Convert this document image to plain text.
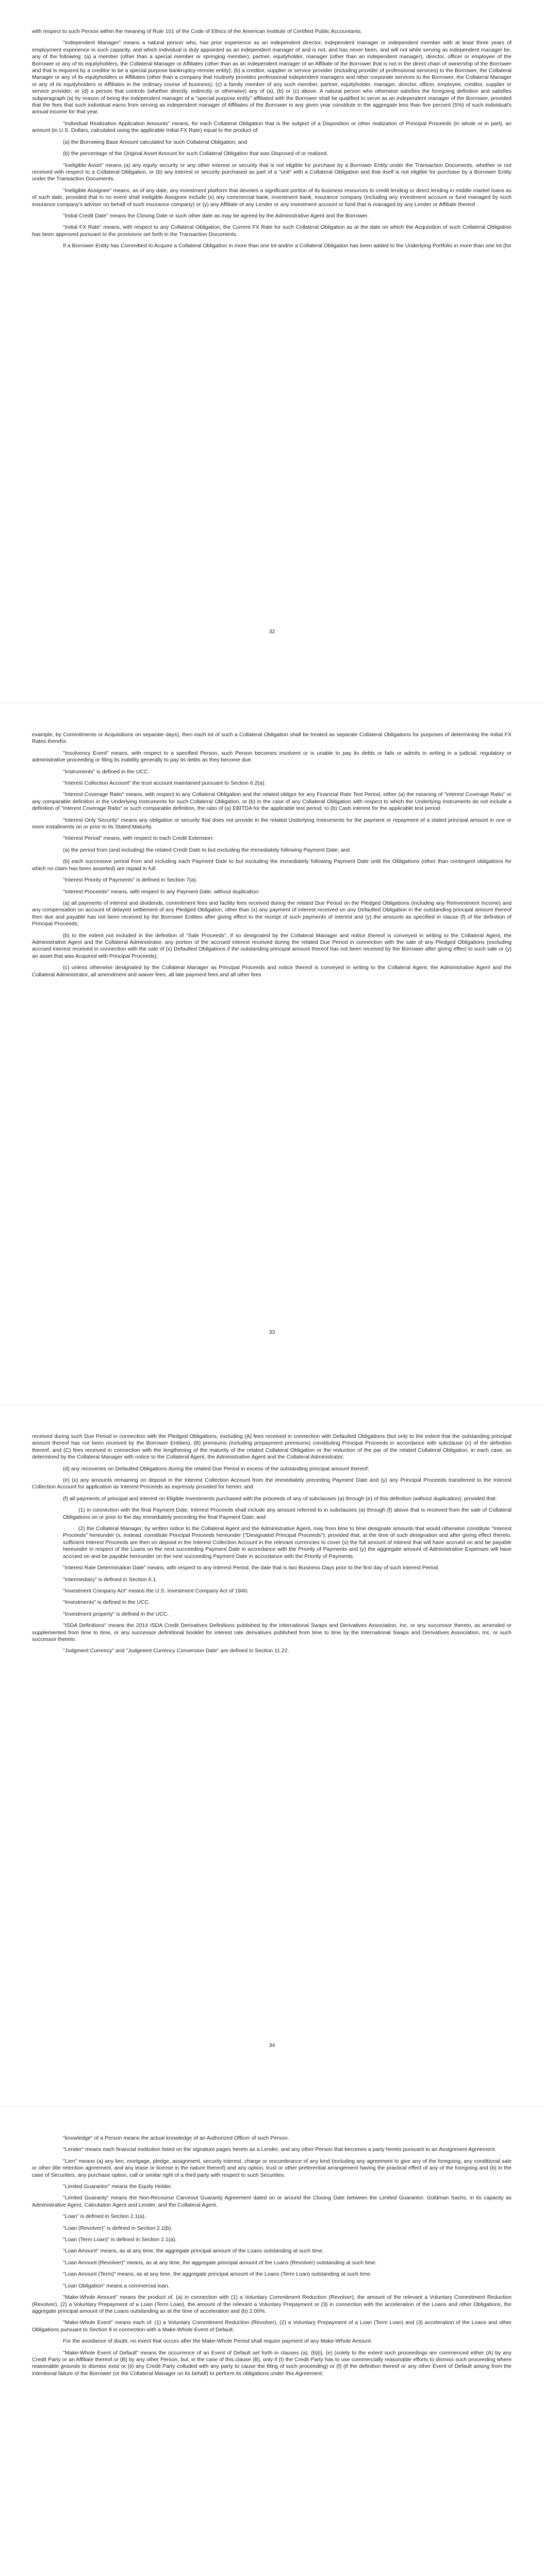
with respect to such Person within the meaning of Rule 101 of the Code of Ethics of the American Institute of Certified Public Accountants.

"Independent Manager" means a natural person who, has prior experience as an independent director, independent manager or independent member with at least three years of employment experience in such capacity, and which individual is duly appointed as an independent manager of and is not, and has never been, and will not while serving as independent manager be, any of the following: (a) a member (other than a special member or springing member), partner, equityholder, manager (other than an independent manager), director, officer or employee of the Borrower or any of its equityholders, the Collateral Manager or Affiliates (other than as an independent manager of an Affiliate of the Borrower that is not in the direct chain of ownership of the Borrower and that is required by a creditor to be a special purpose bankruptcy-remote entity); (b) a creditor, supplier or service provider (including provider of professional services) to the Borrower, the Collateral Manager or any of its equityholders or Affiliates (other than a company that routinely provides professional independent managers and other corporate services to the Borrower, the Collateral Manager or any of its equityholders or Affiliates in the ordinary course of business); (c) a family member of any such member, partner, equityholder, manager, director, officer, employee, creditor, supplier or service provider; or (d) a person that controls (whether directly, indirectly or otherwise) any of (a), (b) or (c) above. A natural person who otherwise satisfies the foregoing definition and satisfies subparagraph (a) by reason of being the independent manager of a "special purpose entity" affiliated with the Borrower shall be qualified to serve as an independent manager of the Borrower, provided that the fees that such individual earns from serving as independent manager of Affiliates of the Borrower in any given year constitute in the aggregate less than five percent (5%) of such individual's annual income for that year.

"Individual Realization Application Amounts" means, for each Collateral Obligation that is the subject of a Disposition or other realization of Principal Proceeds (in whole or in part), an amount (in U.S. Dollars, calculated using the applicable Initial FX Rate) equal to the product of:

(a) the Borrowing Base Amount calculated for such Collateral Obligation; and

(b) the percentage of the Original Asset Amount for such Collateral Obligation that was Disposed of or realized.

"Ineligible Asset" means (a) any equity security or any other interest or security that is not eligible for purchase by a Borrower Entity under the Transaction Documents, whether or not received with respect to a Collateral Obligation, or (b) any interest or security purchased as part of a "unit" with a Collateral Obligation and that itself is not eligible for purchase by a Borrower Entity under the Transaction Documents.

"Ineligible Assignee" means, as of any date, any investment platform that devotes a significant portion of its business resources to credit lending or direct lending in middle market loans as of such date, provided that in no event shall Ineligible Assignee include (x) any commercial bank, investment bank, insurance company (including any investment account or fund managed by such insurance company's adviser on behalf of such insurance company) or (y) any Affiliate of any Lender or any investment account or fund that is managed by any Lender or Affiliate thereof.

"Initial Credit Date" means the Closing Date or such other date as may be agreed by the Administrative Agent and the Borrower.

"Initial FX Rate" means, with respect to any Collateral Obligation, the Current FX Rate for such Collateral Obligation as at the date on which the Acquisition of such Collateral Obligation has been approved pursuant to the provisions set forth in the Transaction Documents.

If a Borrower Entity has Committed to Acquire a Collateral Obligation in more than one lot and/or a Collateral Obligation has been added to the Underlying Portfolio in more than one lot (for

32

example, by Commitments or Acquisitions on separate days), then each lot of such a Collateral Obligation shall be treated as separate Collateral Obligations for purposes of determining the Initial FX Rates therefor.

"Insolvency Event" means, with respect to a specified Person, such Person becomes insolvent or is unable to pay its debts or fails or admits in writing in a judicial, regulatory or administrative proceeding or filing its inability generally to pay its debts as they become due.

"Instruments" is defined in the UCC.

"Interest Collection Account" the trust account maintained pursuant to Section 6.2(a).

"Interest Coverage Ratio" means, with respect to any Collateral Obligation and the related obligor for any Financial Rate Test Period, either (a) the meaning of "interest Coverage Ratio" or any comparable definition in the Underlying Instruments for such Collateral Obligation, or (b) in the case of any Collateral Obligation with respect to which the Underlying Instruments do not include a definition of "Interest Coverage Ratio" or such comparable definition, the ratio of (a) EBITDA for the applicable test period, to (b) Cash interest for the applicable test period.

"Interest Only Security" means any obligation or security that does not provide in the related Underlying Instruments for the payment or repayment of a stated principal amount in one or more installments on or prior to its Stated Maturity.

"Interest Period" means, with respect to each Credit Extension:

(a) the period from (and including) the related Credit Date to but excluding the immediately following Payment Date; and

(b) each successive period from and including each Payment Date to but excluding the immediately following Payment Date until the Obligations (other than contingent obligations for which no claim has been asserted) are repaid in full.

"Interest Priority of Payments" is defined in Section 7(a).

"Interest Proceeds" means, with respect to any Payment Date, without duplication:

(a) all payments of interest and dividends, commitment fees and facility fees received during the related Due Period on the Pledged Obligations (including any Reinvestment Income) and any compensation on account of delayed settlement of any Pledged Obligation, other than (x) any payment of interest received on any Defaulted Obligation in the outstanding principal amount thereof then due and payable has not been received by the Borrower Entities after giving effect to the receipt of such payments of interest and (y) the amounts as specified in clause (f) of the definition of Principal Proceeds;

(b) to the extent not included in the definition of "Sale Proceeds", if so designated by the Collateral Manager and notice thereof is conveyed in writing to the Collateral Agent, the Administrative Agent and the Collateral Administrator, any portion of the accrued interest received during the related Due Period in connection with the sale of any Pledged Obligations (excluding accrued interest received in connection with the sale of (x) Defaulted Obligations if the outstanding principal amount thereof has not been received by the Borrower after giving effect to such sale or (y) an asset that was Acquired with Principal Proceeds);

(c) unless otherwise designated by the Collateral Manager as Principal Proceeds and notice thereof is conveyed in writing to the Collateral Agent, the Administrative Agent and the Collateral Administrator, all amendment and waiver fees, all late payment fees and all other fees

33

received during such Due Period in connection with the Pledged Obligations, excluding (A) fees received in connection with Defaulted Obligations (but only to the extent that the outstanding principal amount thereof has not been received by the Borrower Entities), (B) premiums (including prepayment premiums) constituting Principal Proceeds in accordance with subclause (c) of the definition thereof, and (C) fees received in connection with the lengthening of the maturity of the related Collateral Obligation or the reduction of the par of the related Collateral Obligation, in each case, as determined by the Collateral Manager with notice to the Collateral Agent, the Administrative Agent and the Collateral Administrator;

(d) any recoveries on Defaulted Obligations during the related Due Period in excess of the outstanding principal amount thereof;

(e) (x) any amounts remaining on deposit in the Interest Collection Account from the immediately preceding Payment Date and (y) any Principal Proceeds transferred to the Interest Collection Account for application as Interest Proceeds as expressly provided for herein; and

(f) all payments of principal and interest on Eligible Investments purchased with the proceeds of any of subclauses (a) through (e) of this definition (without duplication); provided that:

(1) in connection with the final Payment Date, Interest Proceeds shall include any amount referred to in subclauses (a) through (f) above that is received from the sale of Collateral Obligations on or prior to the day immediately preceding the final Payment Date; and

(2) the Collateral Manager, by written notice to the Collateral Agent and the Administrative Agent, may from time to time designate amounts that would otherwise constitute "Interest Proceeds" hereunder (x, instead, constitute Principal Proceeds hereunder ("Designated Principal Proceeds"); provided that, at the time of such designation and after giving effect thereto, sufficient Interest Proceeds are then on deposit in the Interest Collection Account in the relevant currencies to cover (x) the full amount of interest that will have accrued on and be payable hereunder in respect of the Loans on the next succeeding Payment Date in accordance with the Priority of Payments and (y) the aggregate amount of Administrative Expenses will have accrued on and be payable hereunder on the next succeeding Payment Date in accordance with the Priority of Payments.

"Interest Rate Determination Date" means, with respect to any Interest Period, the date that is two Business Days prior to the first day of such Interest Period.

"Intermediary" is defined in Section 6.1.

"Investment Company Act" means the U.S. Investment Company Act of 1940.

"Investments" is defined in the UCC.

"Investment property" is defined in the UCC.

"ISDA Definitions" means the 2014 ISDA Credit Derivatives Definitions published by the International Swaps and Derivatives Association, Inc. or any successor thereto, as amended or supplemented from time to time, or any successor definitional booklet for interest rate derivatives published from time to time by the International Swaps and Derivatives Association, Inc. or such successor thereto.

"Judgment Currency" and "Judgment Currency Conversion Date" are defined in Section 11.22.

34

"knowledge" of a Person means the actual knowledge of an Authorized Officer of such Person.

"Lender" means each financial institution listed on the signature pages hereto as a Lender, and any other Person that becomes a party hereto pursuant to an Assignment Agreement.

"Lien" means (a) any lien, mortgage, pledge, assignment, security interest, charge or encumbrance of any kind (including any agreement to give any of the foregoing, any conditional sale or other title retention agreement, and any lease or license in the nature thereof) and any option, trust or other preferential arrangement having the practical effect of any of the foregoing and (b) in the case of Securities, any purchase option, call or similar right of a third party with respect to such Securities.

"Limited Guarantor" means the Equity Holder.

"Limited Guaranty" means the Non-Recourse Carveout Guaranty Agreement dated on or around the Closing Date between the Limited Guarantor, Goldman Sachs, in its capacity as Administrative Agent, Calculation Agent and Lender, and the Collateral Agent.

"Loan" is defined in Section 2.1(a).

"Loan (Revolver)" is defined in Section 2.1(b).

"Loan (Term Loan)" is defined in Section 2.1(a).

"Loan Amount" means, as at any time, the aggregate principal amount of the Loans outstanding at such time.

"Loan Amount (Revolver)" means, as at any time, the aggregate principal amount of the Loans (Revolver) outstanding at such time.

"Loan Amount (Term)" means, as at any time, the aggregate principal amount of the Loans (Term Loan) outstanding at such time.

"Loan Obligation" means a commercial loan.

"Make-Whole Amount" means the product of, (a) in connection with (1) a Voluntary Commitment Reduction (Revolver), the amount of the relevant a Voluntary Commitment Reduction (Revolver), (2) a Voluntary Prepayment of a Loan (Term Loan), the amount of the relevant a Voluntary Prepayment or (3) in connection with the acceleration of the Loans and other Obligations, the aggregate principal amount of the Loans outstanding as at the time of acceleration and (b) 2.00%.

"Make-Whole Event" means each of: (1) a Voluntary Commitment Reduction (Revolver), (2) a Voluntary Prepayment of a Loan (Term Loan) and (3) acceleration of the Loans and other Obligations pursuant to Section 9 in connection with a Make-Whole Event of Default.

For the avoidance of doubt, no event that occurs after the Make-Whole Period shall require payment of any Make-Whole Amount.

"Make-Whole Event of Default" means the occurrence of an Event of Default set forth in clauses (a), (b)(i), (e) (solely to the extent such proceedings are commenced either (A) by any Credit Party or an Affiliate thereof or (B) by any other Person, but, in the case of this clause (B), only if (I) the Credit Party has to use commercially reasonable efforts to dismiss such proceeding where reasonable grounds to dismiss exist or (ii) any Credit Party colluded with any party to cause the filing of such proceeding) or (f) (if the definition thereof or any other Event of Default arising from the intentional failure of the Borrower (or the Collateral Manager on its behalf) to perform its obligations under this Agreement;
